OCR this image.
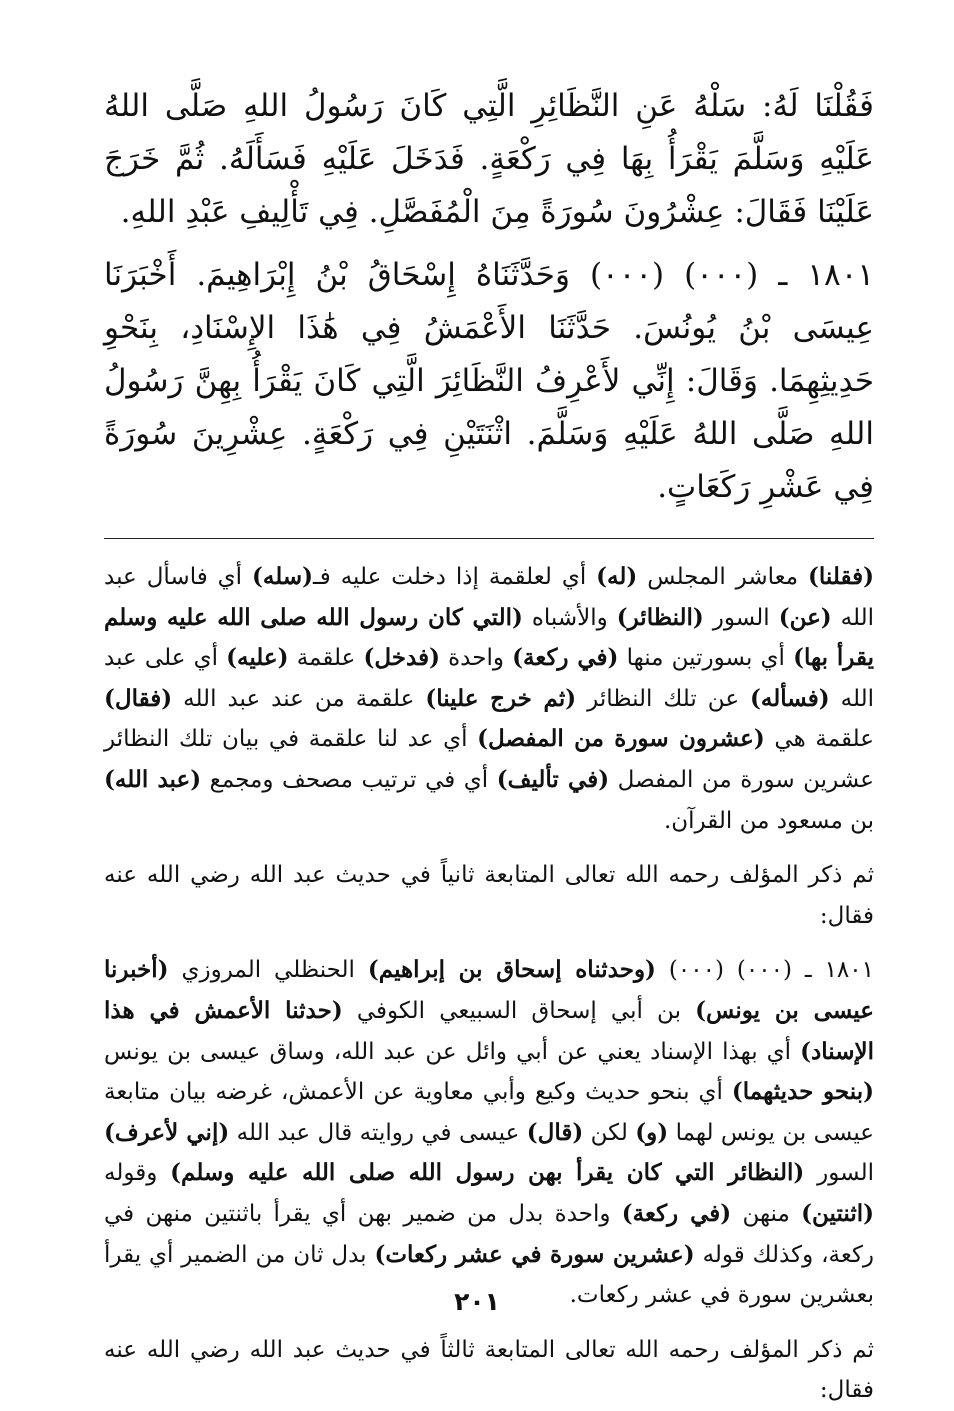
فَقُلْنَا لَهُ: سَلْهُ عَنِ النَّظَائِرِ الَّتِي كَانَ رَسُولُ اللهِ صَلَّى اللهُ عَلَيْهِ وَسَلَّمَ يَقْرَأُ بِهَا فِي رَكْعَةٍ. فَدَخَلَ عَلَيْهِ فَسَأَلَهُ. ثُمَّ خَرَجَ عَلَيْنَا فَقَالَ: عِشْرُونَ سُورَةً مِنَ الْمُفَصَّلِ. فِي تَأْلِيفِ عَبْدِ اللهِ.

١٨٠١ ـ (٠٠٠) (٠٠٠) وَحَدَّثَنَاهُ إِسْحَاقُ بْنُ إِبْرَاهِيمَ. أَخْبَرَنَا عِيسَى بْنُ يُونُسَ. حَدَّثَنَا الأَعْمَشُ فِي هَٰذَا الإِسْنَادِ، بِنَحْوِ حَدِيثِهِمَا. وَقَالَ: إِنِّي لأَعْرِفُ النَّظَائِرَ الَّتِي كَانَ يَقْرَأُ بِهِنَّ رَسُولُ اللهِ صَلَّى اللهُ عَلَيْهِ وَسَلَّمَ. اثْنَتَيْنِ فِي رَكْعَةٍ. عِشْرِينَ سُورَةً فِي عَشْرِ رَكَعَاتٍ.

(فقلنا) معاشر المجلس (له) أي لعلقمة إذا دخلت عليه فـ(سله) أي فاسأل عبد الله (عن) السور (النظائر) والأشباه (التي كان رسول الله صلى الله عليه وسلم يقرأ بها) أي بسورتين منها (في ركعة) واحدة (فدخل) علقمة (عليه) أي على عبد الله (فسأله) عن تلك النظائر (ثم خرج علينا) علقمة من عند عبد الله (فقال) علقمة هي (عشرون سورة من المفصل) أي عد لنا علقمة في بيان تلك النظائر عشرين سورة من المفصل (في تأليف) أي في ترتيب مصحف ومجمع (عبد الله) بن مسعود من القرآن.

ثم ذكر المؤلف رحمه الله تعالى المتابعة ثانياً في حديث عبد الله رضي الله عنه فقال:

١٨٠١ ـ (٠٠٠) (٠٠٠) (وحدثناه إسحاق بن إبراهيم) الحنظلي المروزي (أخبرنا عيسى بن يونس) بن أبي إسحاق السبيعي الكوفي (حدثنا الأعمش في هذا الإسناد) أي بهذا الإسناد يعني عن أبي وائل عن عبد الله، وساق عيسى بن يونس (بنحو حديثهما) أي بنحو حديث وكيع وأبي معاوية عن الأعمش، غرضه بيان متابعة عيسى بن يونس لهما (و) لكن (قال) عيسى في روايته قال عبد الله (إني لأعرف) السور (النظائر التي كان يقرأ بهن رسول الله صلى الله عليه وسلم) وقوله (اثنتين) منهن (في ركعة) واحدة بدل من ضمير بهن أي يقرأ باثنتين منهن في ركعة، وكذلك قوله (عشرين سورة في عشر ركعات) بدل ثان من الضمير أي يقرأ بعشرين سورة في عشر ركعات.

ثم ذكر المؤلف رحمه الله تعالى المتابعة ثالثاً في حديث عبد الله رضي الله عنه فقال:

٢٠١
